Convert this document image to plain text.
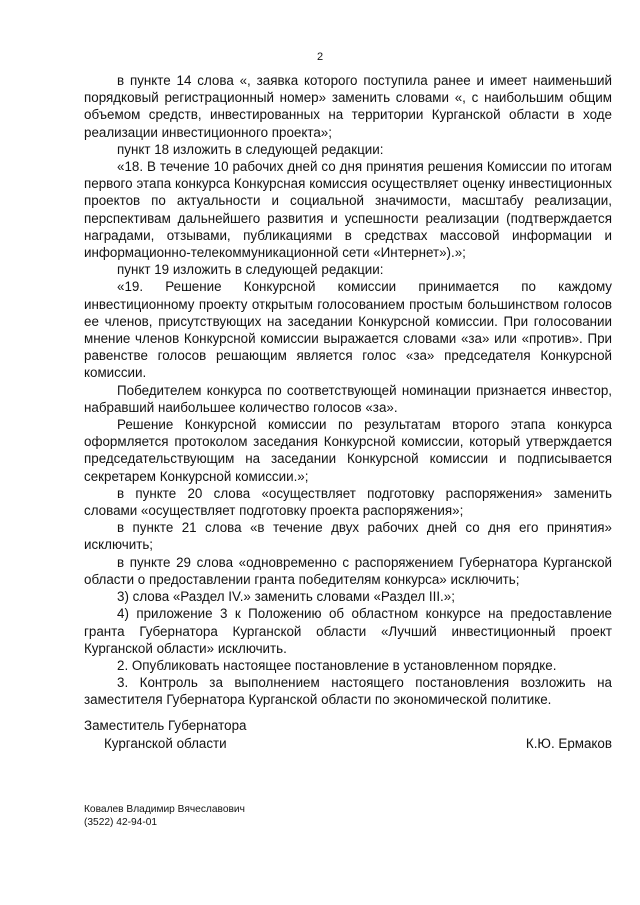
2

в пункте 14 слова «, заявка которого поступила ранее и имеет наименьший порядковый регистрационный номер» заменить словами «, с наибольшим общим объемом средств, инвестированных на территории Курганской области в ходе реализации инвестиционного проекта»;

пункт 18 изложить в следующей редакции:

«18. В течение 10 рабочих дней со дня принятия решения Комиссии по итогам первого этапа конкурса Конкурсная комиссия осуществляет оценку инвестиционных проектов по актуальности и социальной значимости, масштабу реализации, перспективам дальнейшего развития и успешности реализации (подтверждается наградами, отзывами, публикациями в средствах массовой информации и информационно-телекоммуникационной сети «Интернет»).»;

пункт 19 изложить в следующей редакции:

«19. Решение Конкурсной комиссии принимается по каждому инвестиционному проекту открытым голосованием простым большинством голосов ее членов, присутствующих на заседании Конкурсной комиссии. При голосовании мнение членов Конкурсной комиссии выражается словами «за» или «против». При равенстве голосов решающим является голос «за» председателя Конкурсной комиссии.

Победителем конкурса по соответствующей номинации признается инвестор, набравший наибольшее количество голосов «за».

Решение Конкурсной комиссии по результатам второго этапа конкурса оформляется протоколом заседания Конкурсной комиссии, который утверждается председательствующим на заседании Конкурсной комиссии и подписывается секретарем Конкурсной комиссии.»;

в пункте 20 слова «осуществляет подготовку распоряжения» заменить словами «осуществляет подготовку проекта распоряжения»;

в пункте 21 слова «в течение двух рабочих дней со дня его принятия» исключить;

в пункте 29 слова «одновременно с распоряжением Губернатора Курганской области о предоставлении гранта победителям конкурса» исключить;

3) слова «Раздел IV.» заменить словами «Раздел III.»;

4) приложение 3 к Положению об областном конкурсе на предоставление гранта Губернатора Курганской области «Лучший инвестиционный проект Курганской области» исключить.

2. Опубликовать настоящее постановление в установленном порядке.

3. Контроль за выполнением настоящего постановления возложить на заместителя Губернатора Курганской области по экономической политике.

Заместитель Губернатора
Курганской области	К.Ю. Ермаков
Ковалев Владимир Вячеславович
(3522) 42-94-01
